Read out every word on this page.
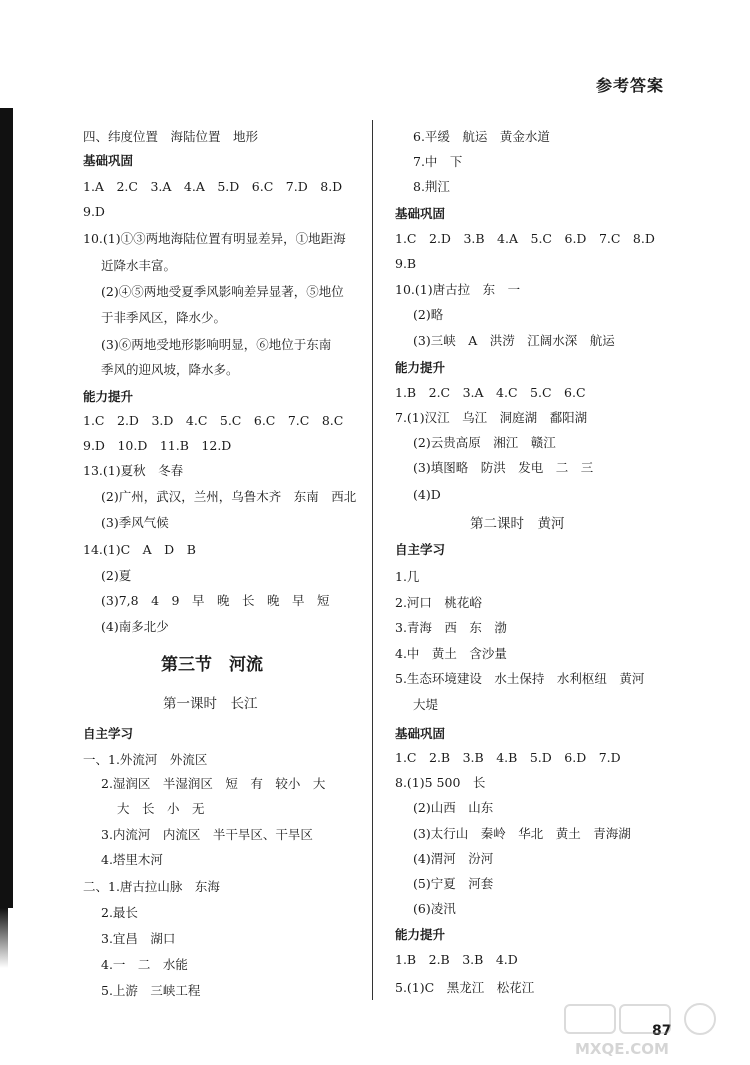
参考答案
四、纬度位置　海陆位置　地形
基础巩固
1.A　2.C　3.A　4.A　5.D　6.C　7.D　8.D
9.D
10.(1)①③两地海陆位置有明显差异，①地距海
近降水丰富。
(2)④⑤两地受夏季风影响差异显著，⑤地位
于非季风区，降水少。
(3)⑥两地受地形影响明显，⑥地位于东南
季风的迎风坡，降水多。
能力提升
1.C　2.D　3.D　4.C　5.C　6.C　7.C　8.C
9.D　10.D　11.B　12.D
13.(1)夏秋　冬春
(2)广州，武汉，兰州，乌鲁木齐　东南　西北
(3)季风气候
14.(1)C　A　D　B
(2)夏
(3)7,8　4　9　早　晚　长　晚　早　短
(4)南多北少
第三节　河流
第一课时　长江
自主学习
一、1.外流河　外流区
2.湿润区　半湿润区　短　有　较小　大
大　长　小　无
3.内流河　内流区　半干旱区、干旱区
4.塔里木河
二、1.唐古拉山脉　东海
2.最长
3.宜昌　湖口
4.一　二　水能
5.上游　三峡工程
6.平缓　航运　黄金水道
7.中　下
8.荆江
基础巩固
1.C　2.D　3.B　4.A　5.C　6.D　7.C　8.D
9.B
10.(1)唐古拉　东　一
(2)略
(3)三峡　A　洪涝　江阔水深　航运
能力提升
1.B　2.C　3.A　4.C　5.C　6.C
7.(1)汉江　乌江　洞庭湖　鄱阳湖
(2)云贵高原　湘江　赣江
(3)填图略　防洪　发电　二　三
(4)D
第二课时　黄河
自主学习
1.几
2.河口　桃花峪
3.青海　西　东　渤
4.中　黄土　含沙量
5.生态环境建设　水土保持　水利枢纽　黄河
大堤
基础巩固
1.C　2.B　3.B　4.B　5.D　6.D　7.D
8.(1)5 500　长
(2)山西　山东
(3)太行山　秦岭　华北　黄土　青海湖
(4)渭河　汾河
(5)宁夏　河套
(6)凌汛
能力提升
1.B　2.B　3.B　4.D
5.(1)C　黑龙江　松花江
87
MXQE.COM
